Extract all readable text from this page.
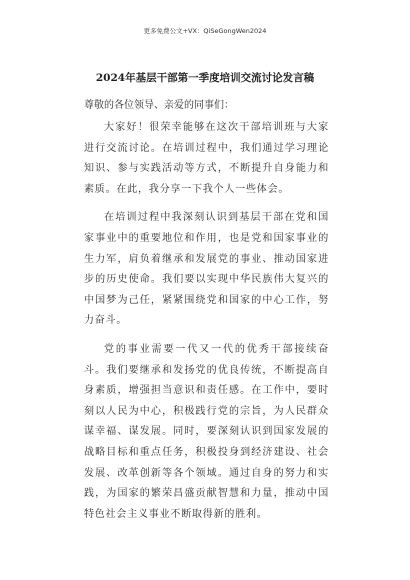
更多免费公文+VX：QiSeGongWen2024
2024年基层干部第一季度培训交流讨论发言稿
尊敬的各位领导、亲爱的同事们：

大家好！很荣幸能够在这次干部培训班与大家进行交流讨论。在培训过程中，我们通过学习理论知识、参与实践活动等方式，不断提升自身能力和素质。在此，我分享一下我个人一些体会。

在培训过程中我深刻认识到基层干部在党和国家事业中的重要地位和作用，也是党和国家事业的生力军，肩负着继承和发展党的事业、推动国家进步的历史使命。我们要以实现中华民族伟大复兴的中国梦为己任，紧紧围绕党和国家的中心工作，努力奋斗。

党的事业需要一代又一代的优秀干部接续奋斗。我们要继承和发扬党的优良传统，不断提高自身素质，增强担当意识和责任感。在工作中，要时刻以人民为中心，积极践行党的宗旨，为人民群众谋幸福、谋发展。同时，要深刻认识到国家发展的战略目标和重点任务，积极投身到经济建设、社会发展、改革创新等各个领域。通过自身的努力和实践，为国家的繁荣昌盛贡献智慧和力量，推动中国特色社会主义事业不断取得新的胜利。
